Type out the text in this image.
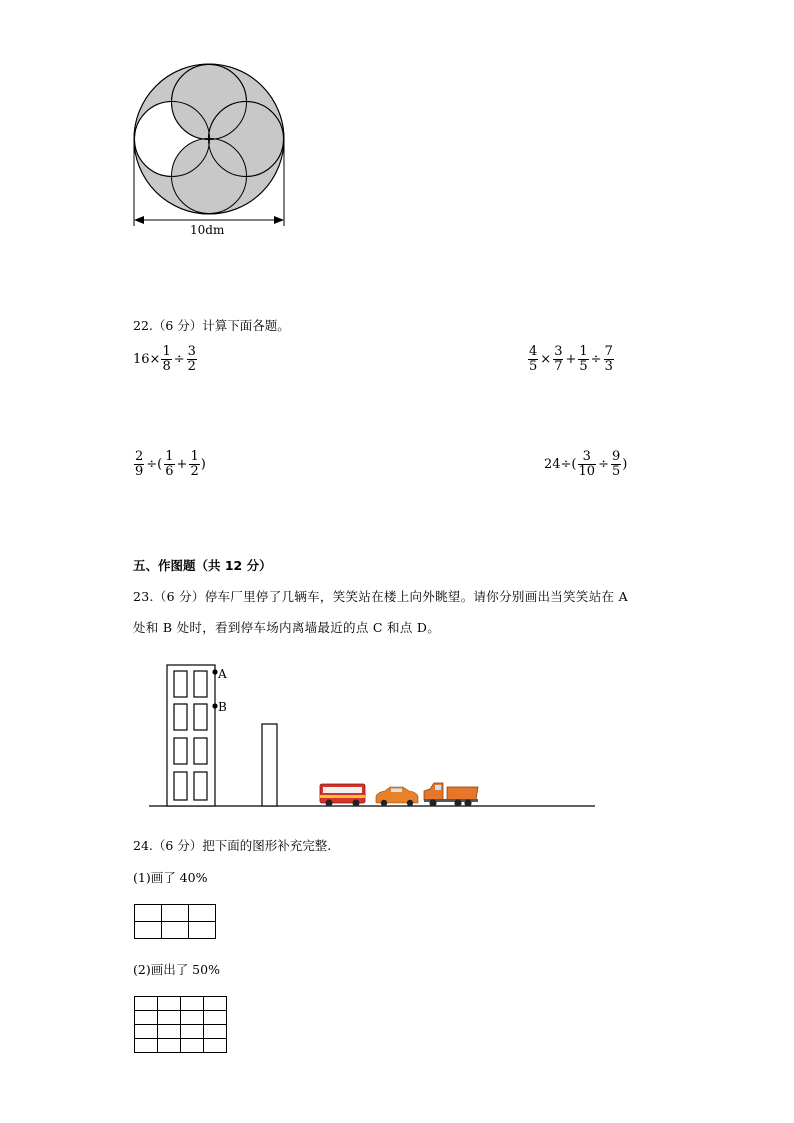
10dm
22.（6 分）计算下面各题。
$16\times \frac{1}{8} \div \frac{3}{2}$	$\frac{4}{5} \times \frac{3}{7} + \frac{1}{5} \div \frac{7}{3}$
$\frac{2}{9}$ ÷( $\frac{1}{6} + \frac{1}{2}$ )	$24\div( \frac{3}{10} \div \frac{9}{5}$ )
五、作图题（共 12 分）
23.（6 分）停车厂里停了几辆车，笑笑站在楼上向外眺望。请你分别画出当笑笑站在 A
处和 B 处时，看到停车场内离墙最近的点 C 和点 D。
A
B
24.（6 分）把下面的图形补充完整.
(1)画了 40%

(2)画出了 50%
